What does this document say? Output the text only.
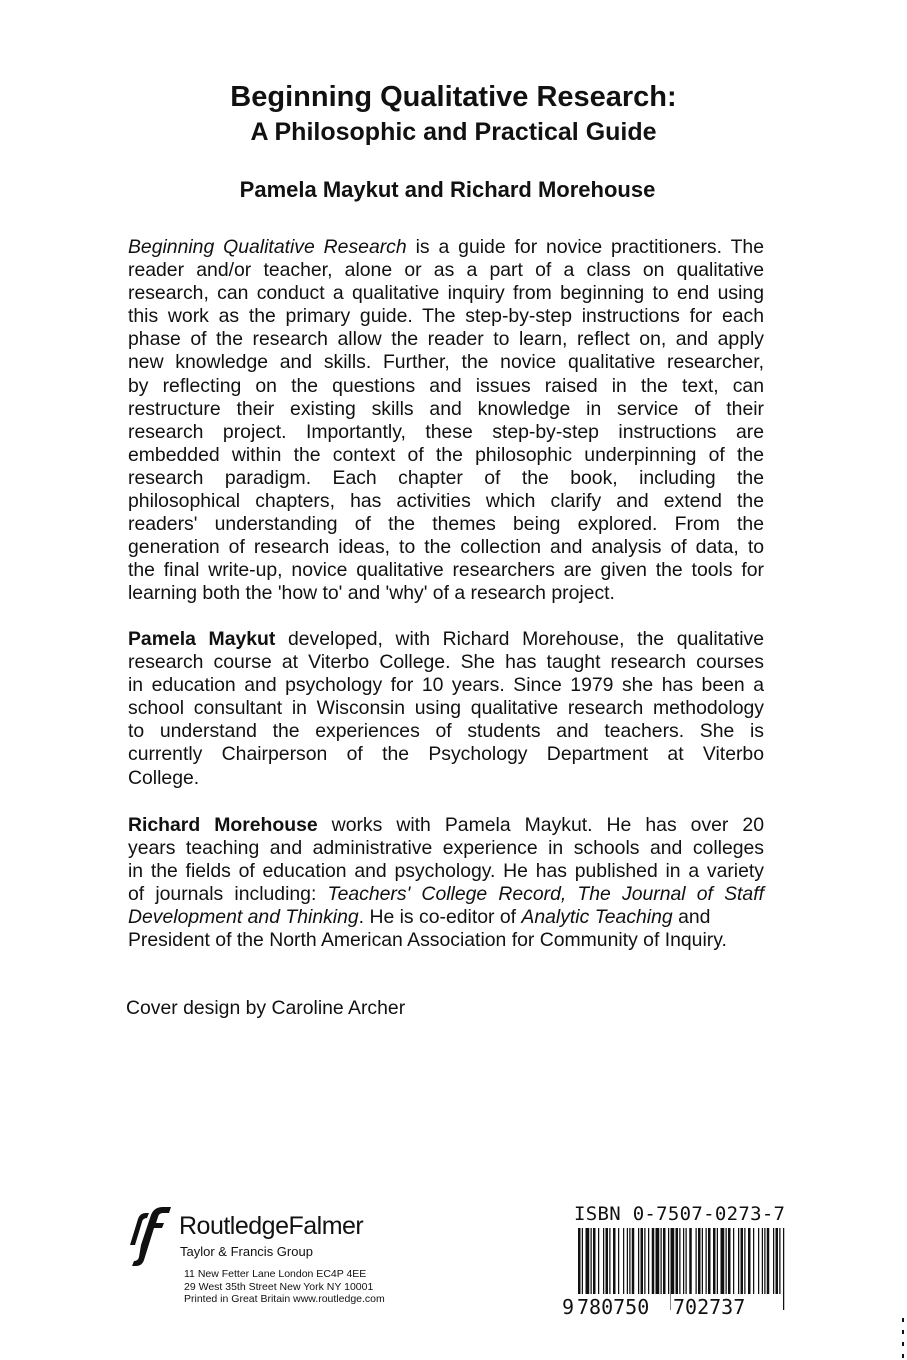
Beginning Qualitative Research:
A Philosophic and Practical Guide
Pamela Maykut and Richard Morehouse
Beginning Qualitative Research is a guide for novice practitioners. The
reader and/or teacher, alone or as a part of a class on qualitative
research, can conduct a qualitative inquiry from beginning to end using
this work as the primary guide. The step-by-step instructions for each
phase of the research allow the reader to learn, reflect on, and apply
new knowledge and skills. Further, the novice qualitative researcher,
by reflecting on the questions and issues raised in the text, can
restructure their existing skills and knowledge in service of their
research project. Importantly, these step-by-step instructions are
embedded within the context of the philosophic underpinning of the
research paradigm. Each chapter of the book, including the
philosophical chapters, has activities which clarify and extend the
readers' understanding of the themes being explored. From the
generation of research ideas, to the collection and analysis of data, to
the final write-up, novice qualitative researchers are given the tools for
learning both the 'how to' and 'why' of a research project.
Pamela Maykut developed, with Richard Morehouse, the qualitative
research course at Viterbo College. She has taught research courses
in education and psychology for 10 years. Since 1979 she has been a
school consultant in Wisconsin using qualitative research methodology
to understand the experiences of students and teachers. She is
currently Chairperson of the Psychology Department at Viterbo
College.
Richard Morehouse works with Pamela Maykut. He has over 20
years teaching and administrative experience in schools and colleges
in the fields of education and psychology. He has published in a variety
of journals including: Teachers' College Record, The Journal of Staff
Development and Thinking. He is co-editor of Analytic Teaching and
President of the North American Association for Community of Inquiry.

Cover design by Caroline Archer

RoutledgeFalmer
Taylor & Francis Group
11 New Fetter Lane London EC4P 4EE
29 West 35th Street New York NY 10001
Printed in Great Britain www.routledge.com
ISBN 0-7507-0273-7
9 780750 702737
